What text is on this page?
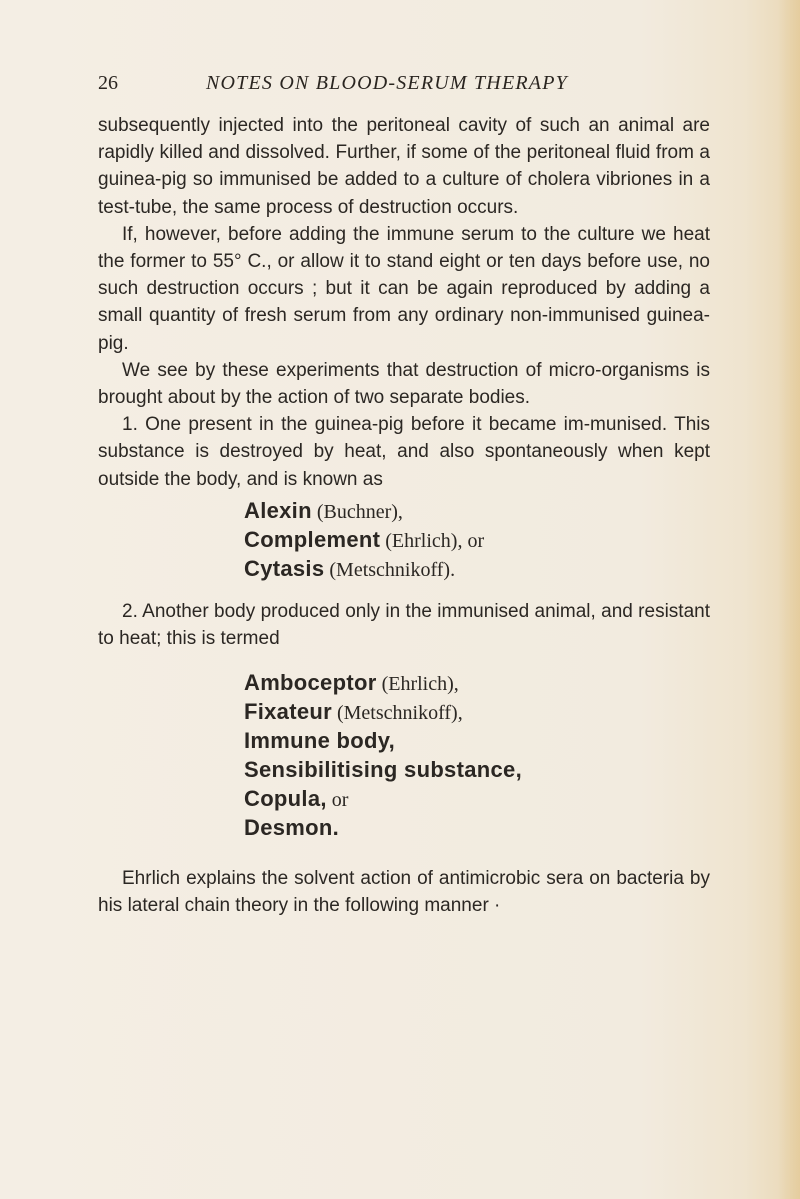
26	NOTES ON BLOOD-SERUM THERAPY

subsequently injected into the peritoneal cavity of such an animal are rapidly killed and dissolved. Further, if some of the peritoneal fluid from a guinea-pig so immunised be added to a culture of cholera vibriones in a test-tube, the same process of destruction occurs.

If, however, before adding the immune serum to the culture we heat the former to 55° C., or allow it to stand eight or ten days before use, no such destruction occurs ; but it can be again reproduced by adding a small quantity of fresh serum from any ordinary non-immunised guinea-pig.

We see by these experiments that destruction of micro-organisms is brought about by the action of two separate bodies.

1. One present in the guinea-pig before it became im-munised. This substance is destroyed by heat, and also spontaneously when kept outside the body, and is known as

Alexin (Buchner),
Complement (Ehrlich), or
Cytasis (Metschnikoff).

2. Another body produced only in the immunised animal, and resistant to heat; this is termed

Amboceptor (Ehrlich),
Fixateur (Metschnikoff),
Immune body,
Sensibilitising substance,
Copula, or
Desmon.

Ehrlich explains the solvent action of antimicrobic sera on bacteria by his lateral chain theory in the following manner ·
